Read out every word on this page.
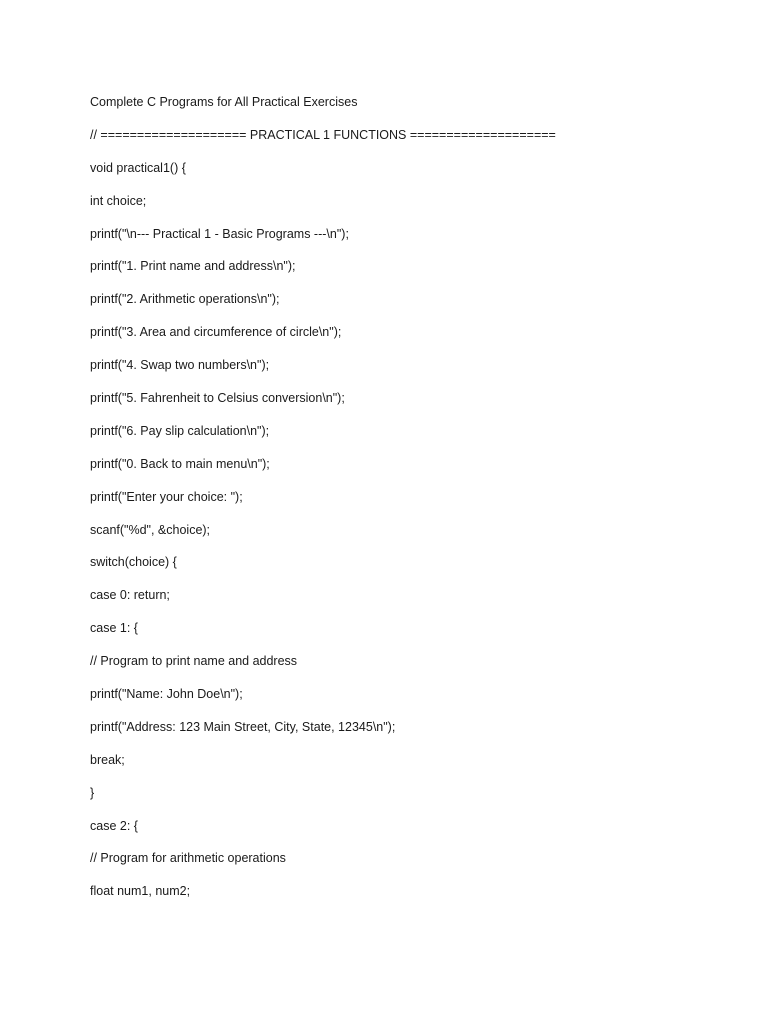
Complete C Programs for All Practical Exercises

// ==================== PRACTICAL 1 FUNCTIONS ====================

void practical1() {

int choice;

printf("\n--- Practical 1 - Basic Programs ---\n");

printf("1. Print name and address\n");

printf("2. Arithmetic operations\n");

printf("3. Area and circumference of circle\n");

printf("4. Swap two numbers\n");

printf("5. Fahrenheit to Celsius conversion\n");

printf("6. Pay slip calculation\n");

printf("0. Back to main menu\n");

printf("Enter your choice: ");

scanf("%d", &choice);

switch(choice) {

case 0: return;

case 1: {

// Program to print name and address

printf("Name: John Doe\n");

printf("Address: 123 Main Street, City, State, 12345\n");

break;

}

case 2: {

// Program for arithmetic operations

float num1, num2;
